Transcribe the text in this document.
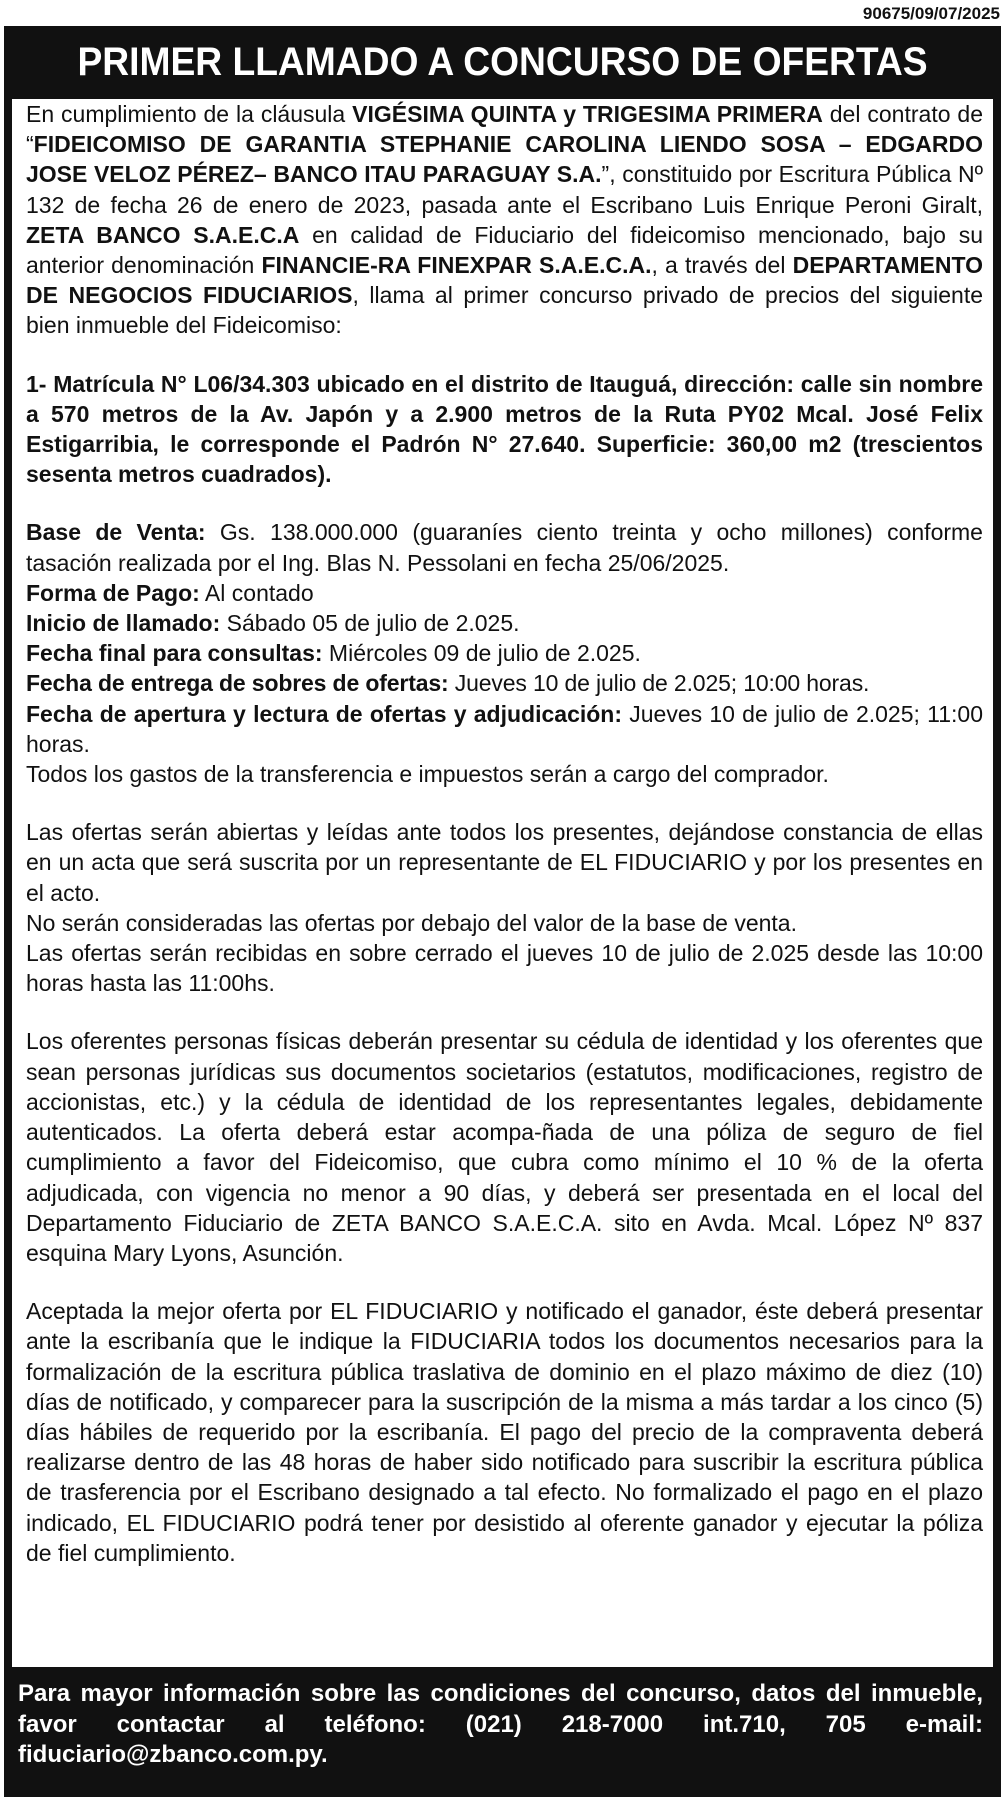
90675/09/07/2025
PRIMER LLAMADO A CONCURSO DE OFERTAS

En cumplimiento de la cláusula VIGÉSIMA QUINTA y TRIGESIMA PRIMERA del contrato de “FIDEICOMISO DE GARANTIA STEPHANIE CAROLINA LIENDO SOSA – EDGARDO JOSE VELOZ PÉREZ– BANCO ITAU PARAGUAY S.A.”, constituido por Escritura Pública Nº 132 de fecha 26 de enero de 2023, pasada ante el Escribano Luis Enrique Peroni Giralt, ZETA BANCO S.A.E.C.A en calidad de Fiduciario del fideicomiso mencionado, bajo su anterior denominación FINANCIE-RA FINEXPAR S.A.E.C.A., a través del DEPARTAMENTO DE NEGOCIOS FIDUCIARIOS, llama al primer concurso privado de precios del siguiente bien inmueble del Fideicomiso:

1- Matrícula N° L06/34.303 ubicado en el distrito de Itauguá, dirección: calle sin nombre a 570 metros de la Av. Japón y a 2.900 metros de la Ruta PY02 Mcal. José Felix Estigarribia, le corresponde el Padrón N° 27.640. Superficie: 360,00 m2 (trescientos sesenta metros cuadrados).

Base de Venta: Gs. 138.000.000 (guaraníes ciento treinta y ocho millones) conforme tasación realizada por el Ing. Blas N. Pessolani en fecha 25/06/2025.

Forma de Pago: Al contado

Inicio de llamado: Sábado 05 de julio de 2.025.

Fecha final para consultas: Miércoles 09 de julio de 2.025.

Fecha de entrega de sobres de ofertas: Jueves 10 de julio de 2.025; 10:00 horas.

Fecha de apertura y lectura de ofertas y adjudicación: Jueves 10 de julio de 2.025; 11:00 horas.

Todos los gastos de la transferencia e impuestos serán a cargo del comprador.

Las ofertas serán abiertas y leídas ante todos los presentes, dejándose constancia de ellas en un acta que será suscrita por un representante de EL FIDUCIARIO y por los presentes en el acto.

No serán consideradas las ofertas por debajo del valor de la base de venta.

Las ofertas serán recibidas en sobre cerrado el jueves 10 de julio de 2.025 desde las 10:00 horas hasta las 11:00hs.

Los oferentes personas físicas deberán presentar su cédula de identidad y los oferentes que sean personas jurídicas sus documentos societarios (estatutos, modificaciones, registro de accionistas, etc.) y la cédula de identidad de los representantes legales, debidamente autenticados. La oferta deberá estar acompa-ñada de una póliza de seguro de fiel cumplimiento a favor del Fideicomiso, que cubra como mínimo el 10 % de la oferta adjudicada, con vigencia no menor a 90 días, y deberá ser presentada en el local del Departamento Fiduciario de ZETA BANCO S.A.E.C.A. sito en Avda. Mcal. López Nº 837 esquina Mary Lyons, Asunción.

Aceptada la mejor oferta por EL FIDUCIARIO y notificado el ganador, éste deberá presentar ante la escribanía que le indique la FIDUCIARIA todos los documentos necesarios para la formalización de la escritura pública traslativa de dominio en el plazo máximo de diez (10) días de notificado, y comparecer para la suscripción de la misma a más tardar a los cinco (5) días hábiles de requerido por la escribanía. El pago del precio de la compraventa deberá realizarse dentro de las 48 horas de haber sido notificado para suscribir la escritura pública de trasferencia por el Escribano designado a tal efecto. No formalizado el pago en el plazo indicado, EL FIDUCIARIO podrá tener por desistido al oferente ganador y ejecutar la póliza de fiel cumplimiento.

Para mayor información sobre las condiciones del concurso, datos del inmueble, favor contactar al teléfono: (021) 218-7000 int.710, 705 e-mail: fiduciario@zbanco.com.py.
